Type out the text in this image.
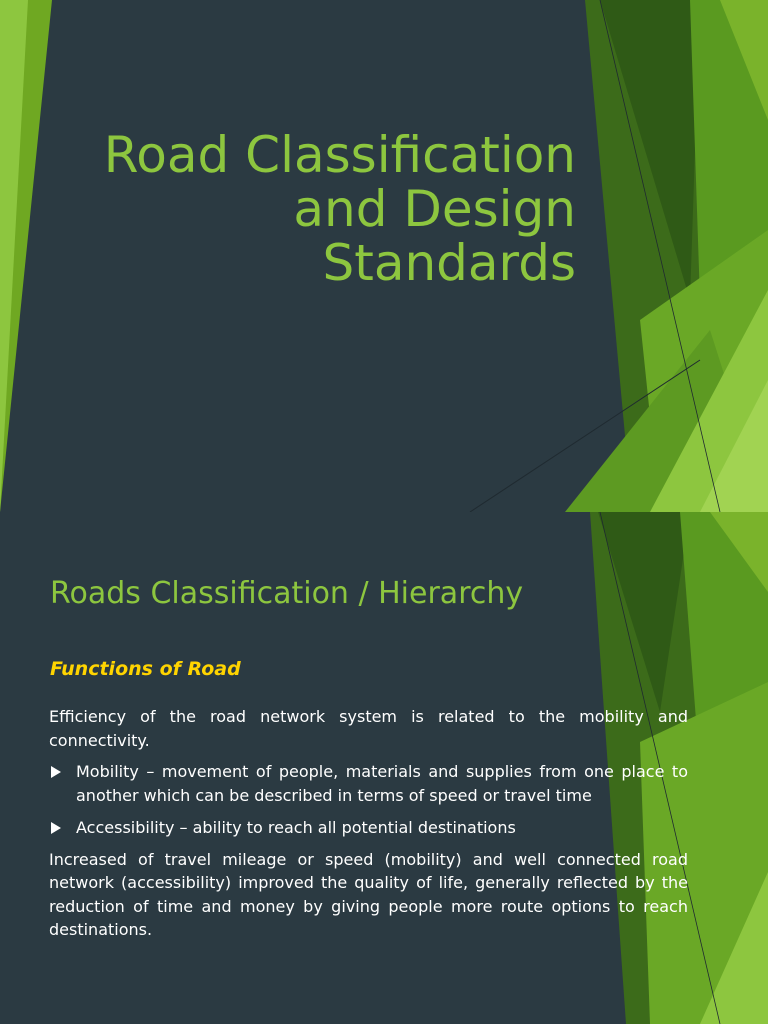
Road Classification
and Design
Standards
Roads Classification / Hierarchy
Functions of Road

Efficiency of the road network system is related to the mobility and connectivity.

Mobility – movement of people, materials and supplies from one place to another which can be described in terms of speed or travel time
Accessibility – ability to reach all potential destinations

Increased of travel mileage or speed (mobility) and well connected road network (accessibility) improved the quality of life, generally reflected by the reduction of time and money by giving people more route options to reach destinations.
